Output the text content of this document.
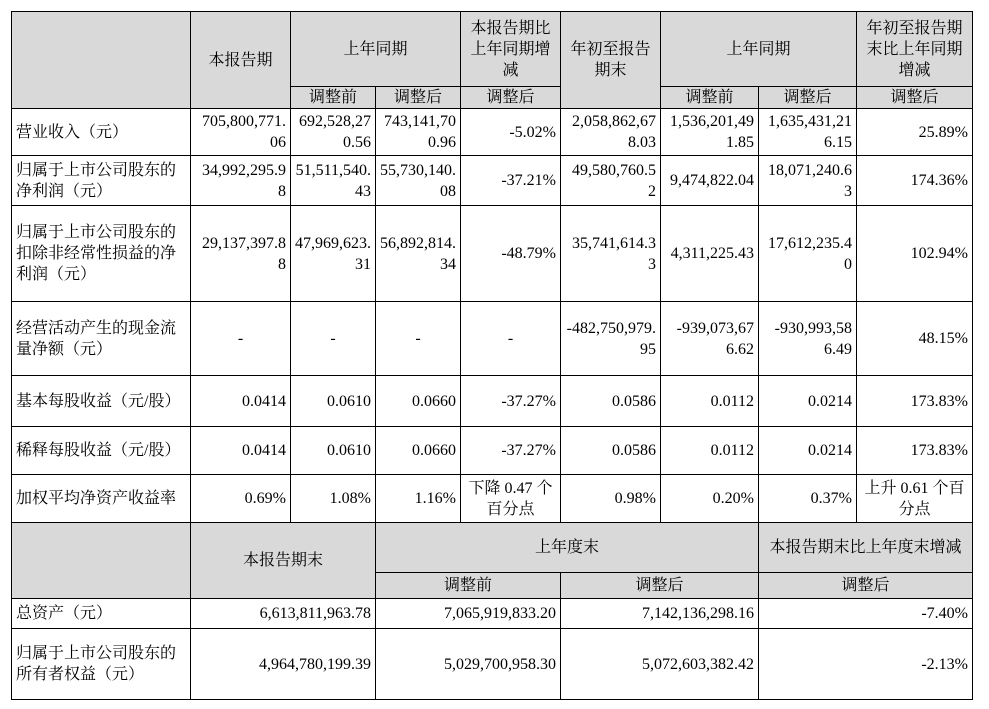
	本报告期	上年同期		本报告期比上年同期增减	年初至报告期末	上年同期		年初至报告期末比上年同期增减
		调整前	调整后	调整后		调整前	调整后	调整后
营业收入（元）	705,800,771.06	692,528,270.56	743,141,700.96	-5.02%	2,058,862,678.03	1,536,201,491.85	1,635,431,216.15	25.89%
归属于上市公司股东的净利润（元）	34,992,295.98	51,511,540.43	55,730,140.08	-37.21%	49,580,760.52	9,474,822.04	18,071,240.63	174.36%
归属于上市公司股东的扣除非经常性损益的净利润（元）	29,137,397.88	47,969,623.31	56,892,814.34	-48.79%	35,741,614.33	4,311,225.43	17,612,235.40	102.94%
经营活动产生的现金流量净额（元）	-	-	-	-	-482,750,979.95	-939,073,676.62	-930,993,586.49	48.15%
基本每股收益（元/股）	0.0414	0.0610	0.0660	-37.27%	0.0586	0.0112	0.0214	173.83%
稀释每股收益（元/股）	0.0414	0.0610	0.0660	-37.27%	0.0586	0.0112	0.0214	173.83%
加权平均净资产收益率	0.69%	1.08%	1.16%	下降 0.47 个百分点	0.98%	0.20%	0.37%	上升 0.61 个百分点
	本报告期末		上年度末				本报告期末比上年度末增减	
			调整前		调整后		调整后	
总资产（元）	6,613,811,963.78		7,065,919,833.20		7,142,136,298.16		-7.40%	
归属于上市公司股东的所有者权益（元）	4,964,780,199.39		5,029,700,958.30		5,072,603,382.42		-2.13%	
